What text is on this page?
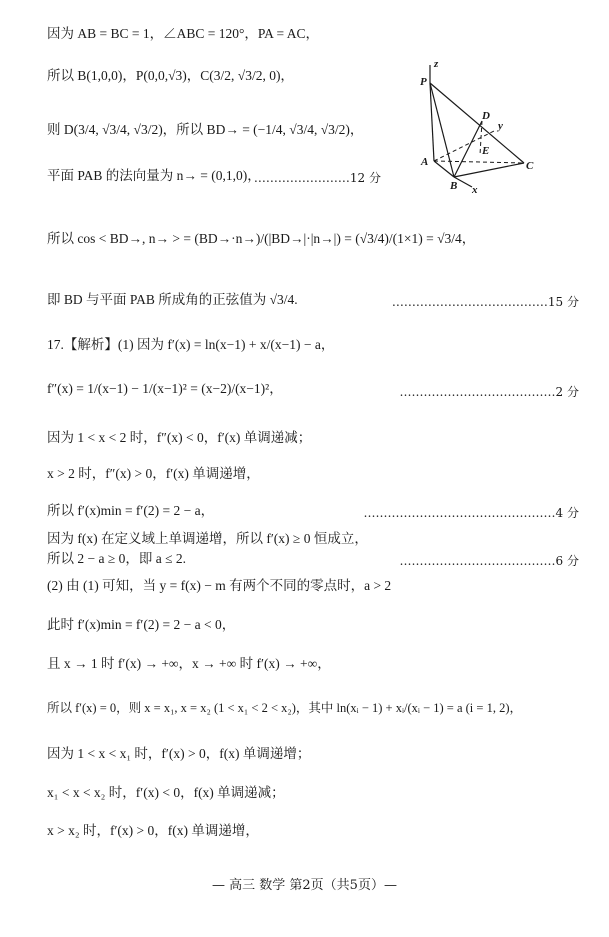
因为 AB = BC = 1，∠ABC = 120°，PA = AC，
所以 B(1,0,0)，P(0,0,√3)，C(3/2, √3/2, 0)，
则 D(3/4, √3/4, √3/2)，所以 BD→ = (−1/4, √3/4, √3/2)，
平面 PAB 的法向量为 n→ = (0,1,0)，
所以 cos < BD→, n→ > = (BD→·n→)/(|BD→|·|n→|) = (√3/4)/(1×1) = √3/4，
即 BD 与平面 PAB 所成角的正弦值为 √3/4.
17.【解析】(1) 因为 f′(x) = ln(x−1) + x/(x−1) − a，
f″(x) = 1/(x−1) − 1/(x−1)² = (x−2)/(x−1)²，
因为 1 < x < 2 时，f″(x) < 0，f′(x) 单调递减；
x > 2 时，f″(x) > 0，f′(x) 单调递增，
所以 f′(x)min = f′(2) = 2 − a，
因为 f(x) 在定义域上单调递增，所以 f′(x) ≥ 0 恒成立，
所以 2 − a ≥ 0，即 a ≤ 2.
(2) 由 (1) 可知，当 y = f(x) − m 有两个不同的零点时，a > 2
此时 f′(x)min = f′(2) = 2 − a < 0，
且 x → 1 时 f′(x) → +∞，x → +∞ 时 f′(x) → +∞，
所以 f′(x) = 0，则 x = x₁, x = x₂ (1 < x₁ < 2 < x₂)，其中 ln(xᵢ − 1) + xᵢ/(xᵢ − 1) = a (i = 1, 2)，
因为 1 < x < x₁ 时，f′(x) > 0，f(x) 单调递增；
x₁ < x < x₂ 时，f′(x) < 0，f(x) 单调递减；
x > x₂ 时，f′(x) > 0，f(x) 单调递增，
……………………12 分
…………………………………15 分
…………………………………2 分
…………………………………………4 分
…………………………………6 分
P
z
D
y
E
A	C
B x
— 高三 数学 第2页（共5页）—
